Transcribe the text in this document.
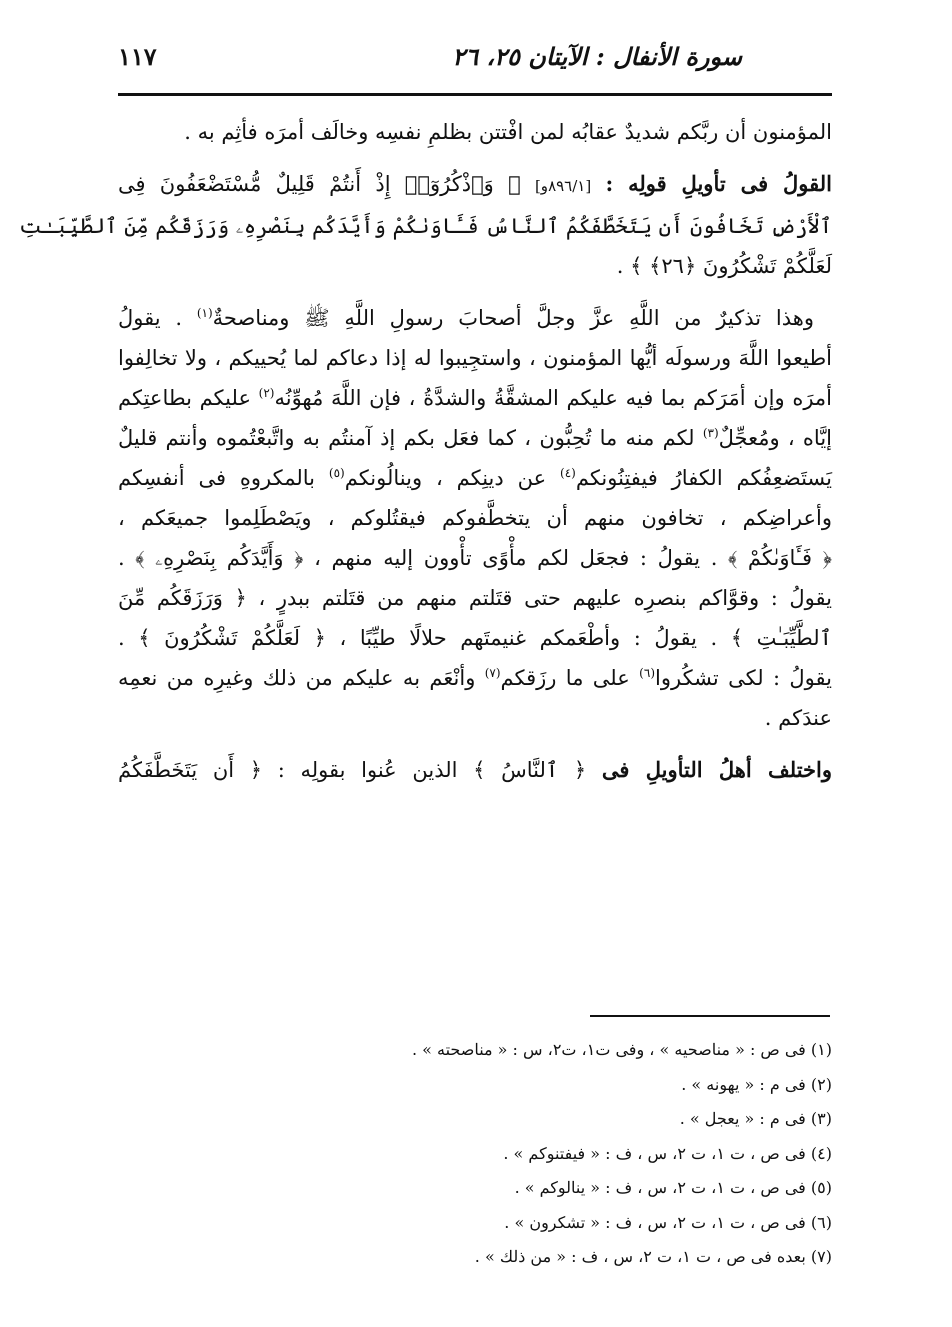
سورة الأنفال : الآيتان ٢٥، ٢٦
١١٧
المؤمنون أن ربَّكم شديدٌ عقابُه لمن افْتتن بظلمِ نفسِه وخالَف أمرَه فأثِم به .
القولُ فى تأويلِ قولِه : [٨٩٦/١و] ﴿ وَٱذْكُرُوٓا۟ إِذْ أَنتُمْ قَلِيلٌ مُّسْتَضْعَفُونَ فِى
ٱلْأَرْضِ تَخَافُونَ أَن يَتَخَطَّفَكُمُ ٱلنَّاسُ فَـَٔاوَىٰكُمْ وَأَيَّدَكُم بِنَصْرِهِۦ وَرَزَقَكُم مِّنَ ٱلطَّيِّبَـٰتِ
لَعَلَّكُمْ تَشْكُرُونَ ﴿٢٦﴾ ﴾ .
وهذا تذكيرٌ من اللَّهِ عزَّ وجلَّ أصحابَ رسولِ اللَّهِ ﷺ ومناصحةٌ$^{(١)}$ . يقولُ
أطيعوا اللَّهَ ورسولَه أيُّها المؤمنون ، واستجِيبوا له إذا دعاكم لما يُحييكم ، ولا تخالِفوا
أمرَه وإن أمَرَكم بما فيه عليكم المشقَّةُ والشدَّةُ ، فإن اللَّهَ مُهوِّنُه$^{(٢)}$ عليكم بطاعتِكم
إيَّاه ، ومُعجِّلٌ$^{(٣)}$ لكم منه ما تُحِبُّون ، كما فعَل بكم إذ آمنتُم به واتَّبعْتُموه وأنتم قليلٌ
يَستَضعِفُكم الكفارُ فيفتِنُونكم$^{(٤)}$ عن دينِكم ، وينالُونكم$^{(٥)}$ بالمكروهِ فى أنفسِكم
وأعراضِكم ، تخافون منهم أن يتخطَّفوكم فيقتُلوكم ، ويَصْطَلِموا جميعَكم ،
﴿ فَـَٔاوَىٰكُمْ ﴾ . يقولُ : فجعَل لكم مأْوًى تأْوون إليه منهم ، ﴿ وَأَيَّدَكُم بِنَصْرِهِۦ ﴾ .
يقولُ : وقوَّاكم بنصرِه عليهم حتى قتَلتم منهم من قتَلتم ببدرٍ ، ﴿ وَرَزَقَكُم مِّنَ
ٱلطَّيِّبَـٰتِ ﴾ . يقولُ : وأطْعَمكم غنيمتَهم حلالًا طيِّبًا ، ﴿ لَعَلَّكُمْ تَشْكُرُونَ ﴾ .
يقولُ : لكى تشكُروا$^{(٦)}$ على ما رزَقكم$^{(٧)}$ وأنْعَم به عليكم من ذلك وغيرِه من نعمِه
عندَكم .
واختلف أهلُ التأويلِ فى ﴿ ٱلنَّاسُ ﴾ الذين عُنوا بقولِه : ﴿ أَن يَتَخَطَّفَكُمُ
(١) فى ص : « مناصحيه » ، وفى ت١، ت٢، س : « مناصحته » .
(٢) فى م : « يهونه » .
(٣) فى م : « يعجل » .
(٤) فى ص ، ت ١، ت ٢، س ، ف : « فيفتنوكم » .
(٥) فى ص ، ت ١، ت ٢، س ، ف : « ينالوكم » .
(٦) فى ص ، ت ١، ت ٢، س ، ف : « تشكرون » .
(٧) بعده فى ص ، ت ١، ت ٢، س ، ف : « من ذلك » .
